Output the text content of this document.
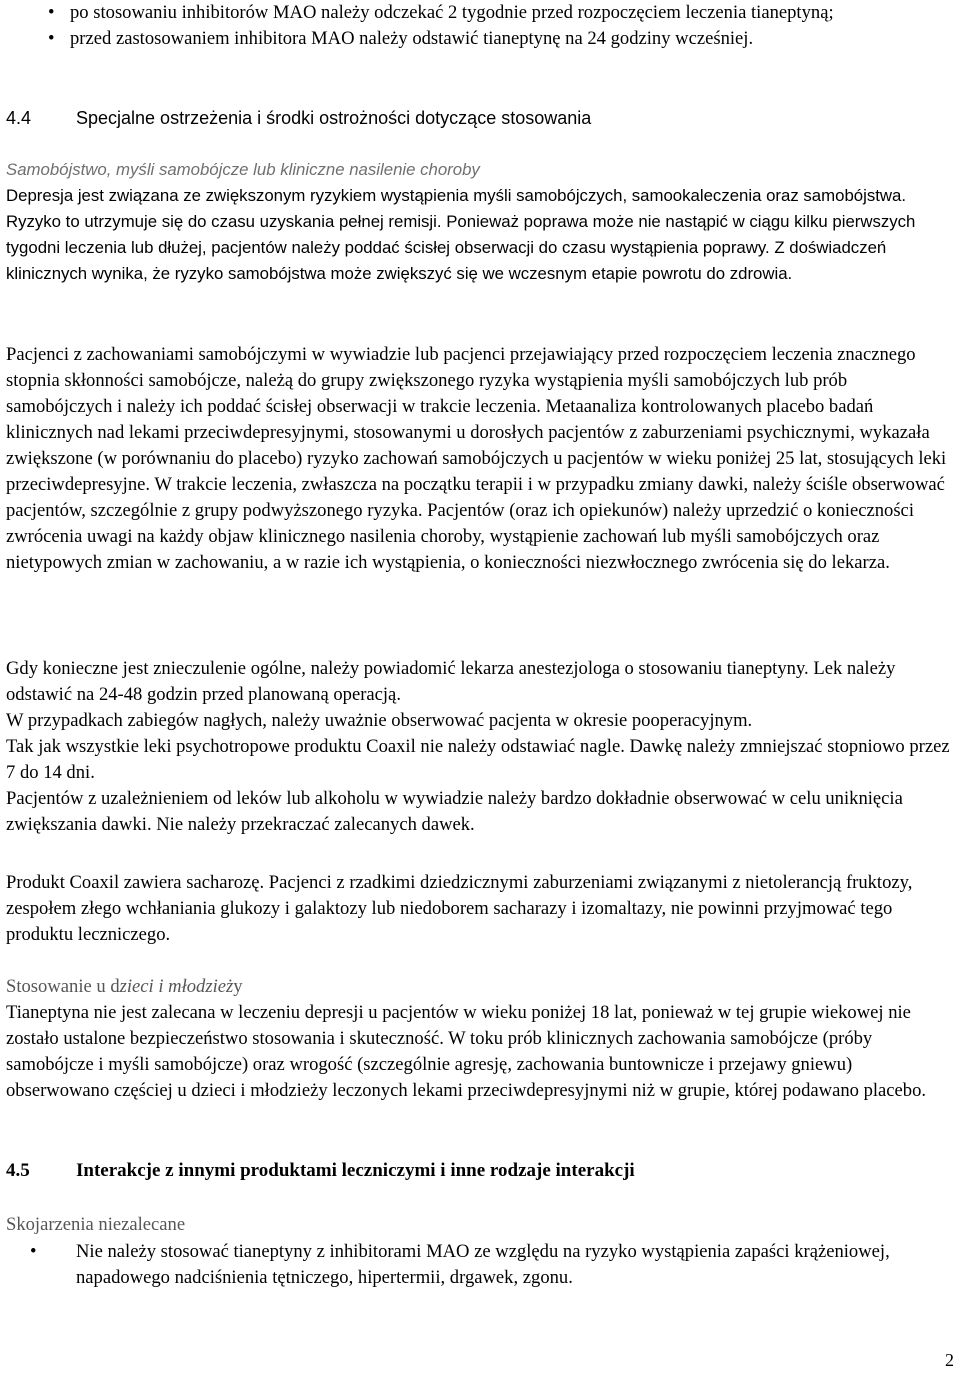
• po stosowaniu inhibitorów MAO należy odczekać 2 tygodnie przed rozpoczęciem leczenia tianeptyną;
• przed zastosowaniem inhibitora MAO należy odstawić tianeptynę na 24 godziny wcześniej.
4.4 Specjalne ostrzeżenia i środki ostrożności dotyczące stosowania

Samobójstwo, myśli samobójcze lub kliniczne nasilenie choroby

Depresja jest związana ze zwiększonym ryzykiem wystąpienia myśli samobójczych, samookaleczenia oraz samobójstwa. Ryzyko to utrzymuje się do czasu uzyskania pełnej remisji. Ponieważ poprawa może nie nastąpić w ciągu kilku pierwszych tygodni leczenia lub dłużej, pacjentów należy poddać ścisłej obserwacji do czasu wystąpienia poprawy. Z doświadczeń klinicznych wynika, że ryzyko samobójstwa może zwiększyć się we wczesnym etapie powrotu do zdrowia.

Pacjenci z zachowaniami samobójczymi w wywiadzie lub pacjenci przejawiający przed rozpoczęciem leczenia znacznego stopnia skłonności samobójcze, należą do grupy zwiększonego ryzyka wystąpienia myśli samobójczych lub prób samobójczych i należy ich poddać ścisłej obserwacji w trakcie leczenia. Metaanaliza kontrolowanych placebo badań klinicznych nad lekami przeciwdepresyjnymi, stosowanymi u dorosłych pacjentów z zaburzeniami psychicznymi, wykazała zwiększone (w porównaniu do placebo) ryzyko zachowań samobójczych u pacjentów w wieku poniżej 25 lat, stosujących leki przeciwdepresyjne. W trakcie leczenia, zwłaszcza na początku terapii i w przypadku zmiany dawki, należy ściśle obserwować pacjentów, szczególnie z grupy podwyższonego ryzyka. Pacjentów (oraz ich opiekunów) należy uprzedzić o konieczności zwrócenia uwagi na każdy objaw klinicznego nasilenia choroby, wystąpienie zachowań lub myśli samobójczych oraz nietypowych zmian w zachowaniu, a w razie ich wystąpienia, o konieczności niezwłocznego zwrócenia się do lekarza.

Gdy konieczne jest znieczulenie ogólne, należy powiadomić lekarza anestezjologa o stosowaniu tianeptyny. Lek należy odstawić na 24-48 godzin przed planowaną operacją.

W przypadkach zabiegów nagłych, należy uważnie obserwować pacjenta w okresie pooperacyjnym.

Tak jak wszystkie leki psychotropowe produktu Coaxil nie należy odstawiać nagle. Dawkę należy zmniejszać stopniowo przez 7 do 14 dni.

Pacjentów z uzależnieniem od leków lub alkoholu w wywiadzie należy bardzo dokładnie obserwować w celu uniknięcia zwiększania dawki. Nie należy przekraczać zalecanych dawek.

Produkt Coaxil zawiera sacharozę. Pacjenci z rzadkimi dziedzicznymi zaburzeniami związanymi z nietolerancją fruktozy, zespołem złego wchłaniania glukozy i galaktozy lub niedoborem sacharazy i izomaltazy, nie powinni przyjmować tego produktu leczniczego.

Stosowanie u dzieci i młodzieży

Tianeptyna nie jest zalecana w leczeniu depresji u pacjentów w wieku poniżej 18 lat, ponieważ w tej grupie wiekowej nie zostało ustalone bezpieczeństwo stosowania i skuteczność. W toku prób klinicznych zachowania samobójcze (próby samobójcze i myśli samobójcze) oraz wrogość (szczególnie agresję, zachowania buntownicze i przejawy gniewu) obserwowano częściej u dzieci i młodzieży leczonych lekami przeciwdepresyjnymi niż w grupie, której podawano placebo.

4.5 Interakcje z innymi produktami leczniczymi i inne rodzaje interakcji

Skojarzenia niezalecane

• Nie należy stosować tianeptyny z inhibitorami MAO ze względu na ryzyko wystąpienia zapaści krążeniowej, napadowego nadciśnienia tętniczego, hipertermii, drgawek, zgonu.
2
